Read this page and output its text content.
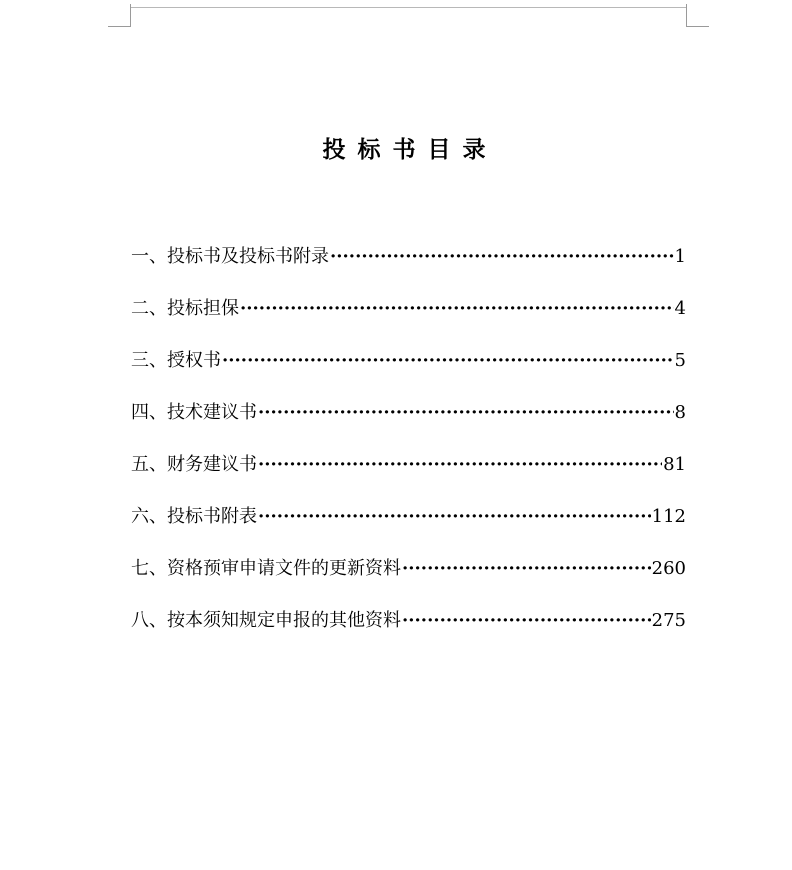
投标书目录
一、投标书及投标书附录 ·····	1
二、投标担保 ·····	4
三、授权书 ·····	5
四、技术建议书 ·····	8
五、财务建议书 ·····	81
六、投标书附表 ·····	112
七、资格预审申请文件的更新资料 ·····	260
八、按本须知规定申报的其他资料 ·····	275
